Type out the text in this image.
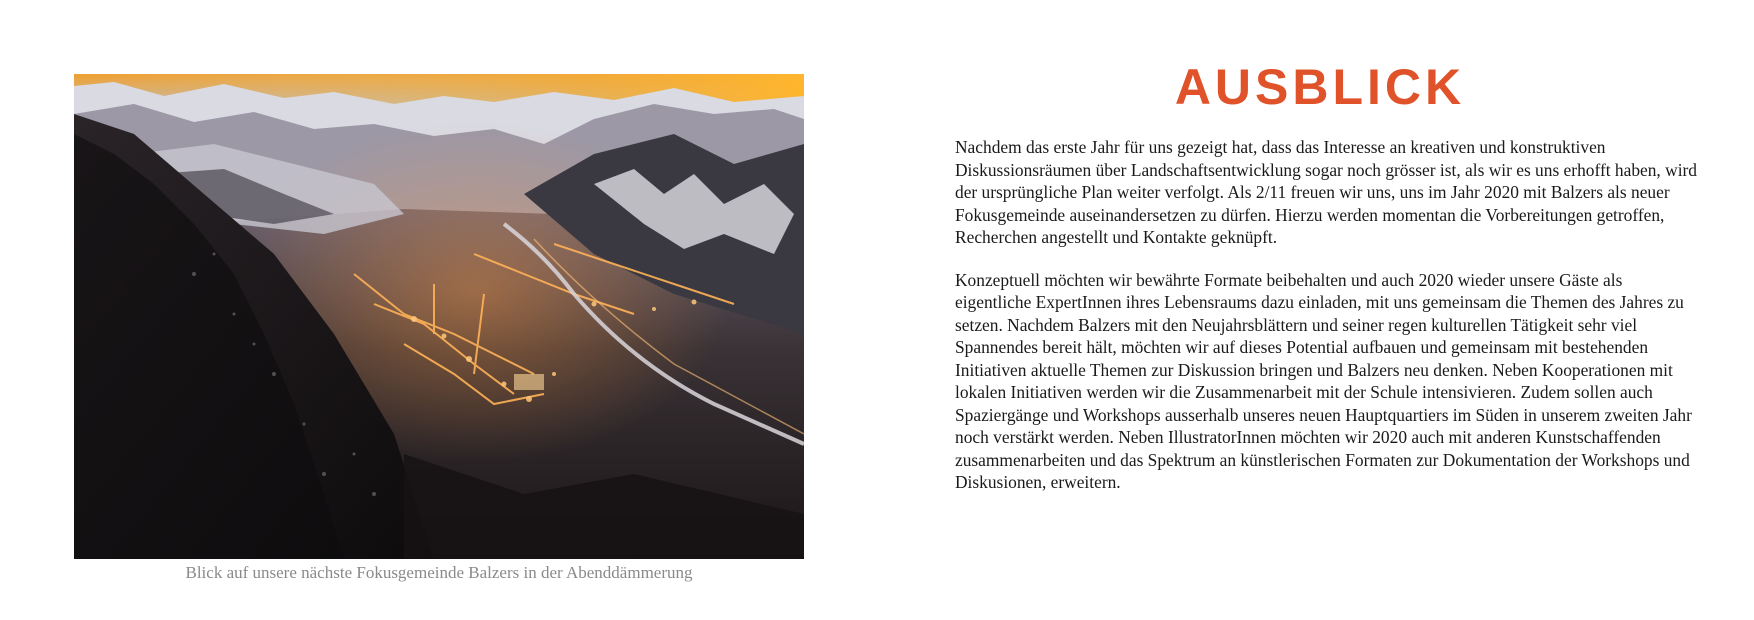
Blick auf unsere nächste Fokusgemeinde Balzers in der Abenddämmerung
AUSBLICK

Nachdem das erste Jahr für uns gezeigt hat, dass das Interesse an kreativen und konstruktiven Diskussionsräumen über Landschaftsentwicklung sogar noch grösser ist, als wir es uns erhofft haben, wird der ursprüngliche Plan weiter verfolgt. Als 2/11 freuen wir uns, uns im Jahr 2020 mit Balzers als neuer Fokusgemeinde auseinandersetzen zu dürfen. Hierzu werden momentan die Vorbereitungen getroffen, Recherchen angestellt und Kontakte geknüpft.

Konzeptuell möchten wir bewährte Formate beibehalten und auch 2020 wieder unsere Gäste als eigentliche ExpertInnen ihres Lebensraums dazu einladen, mit uns gemeinsam die Themen des Jahres zu setzen. Nachdem Balzers mit den Neujahrsblättern und seiner regen kulturellen Tätigkeit sehr viel Spannendes bereit hält, möchten wir auf dieses Potential aufbauen und gemeinsam mit bestehenden Initiativen aktuelle Themen zur Diskussion bringen und Balzers neu denken. Neben Kooperationen mit lokalen Initiativen werden wir die Zusammenarbeit mit der Schule intensivieren. Zudem sollen auch Spaziergänge und Workshops ausserhalb unseres neuen Hauptquartiers im Süden in unserem zweiten Jahr noch verstärkt werden. Neben IllustratorInnen möchten wir 2020 auch mit anderen Kunstschaffenden zusammenarbeiten und das Spektrum an künstlerischen Formaten zur Dokumentation der Workshops und Diskusionen, erweitern.
